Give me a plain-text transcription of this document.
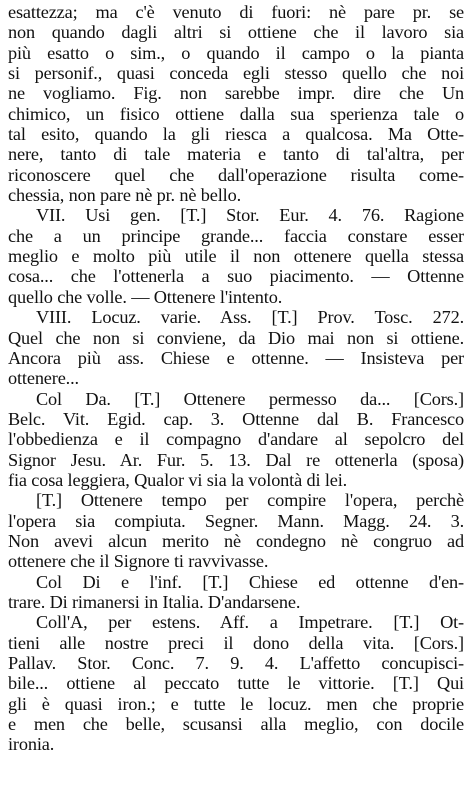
esattezza; ma c'è venuto di fuori: nè pare pr. se
non quando dagli altri si ottiene che il lavoro sia
più esatto o sim., o quando il campo o la pianta
si personif., quasi conceda egli stesso quello che noi
ne vogliamo. Fig. non sarebbe impr. dire che Un
chimico, un fisico ottiene dalla sua sperienza tale o
tal esito, quando la gli riesca a qualcosa. Ma Otte-
nere, tanto di tale materia e tanto di tal'altra, per
riconoscere quel che dall'operazione risulta come-
chessia, non pare nè pr. nè bello.
VII. Usi gen. [T.] Stor. Eur. 4. 76. Ragione
che a un principe grande... faccia constare esser
meglio e molto più utile il non ottenere quella stessa
cosa... che l'ottenerla a suo piacimento. — Ottenne
quello che volle. — Ottenere l'intento.
VIII. Locuz. varie. Ass. [T.] Prov. Tosc. 272.
Quel che non si conviene, da Dio mai non si ottiene.
Ancora più ass. Chiese e ottenne. — Insisteva per
ottenere...
Col Da. [T.] Ottenere permesso da... [Cors.]
Belc. Vit. Egid. cap. 3. Ottenne dal B. Francesco
l'obbedienza e il compagno d'andare al sepolcro del
Signor Jesu. Ar. Fur. 5. 13. Dal re ottenerla (sposa)
fia cosa leggiera, Qualor vi sia la volontà di lei.
[T.] Ottenere tempo per compire l'opera, perchè
l'opera sia compiuta. Segner. Mann. Magg. 24. 3.
Non avevi alcun merito nè condegno nè congruo ad
ottenere che il Signore ti ravvivasse.
Col Di e l'inf. [T.] Chiese ed ottenne d'en-
trare. Di rimanersi in Italia. D'andarsene.
Coll'A, per estens. Aff. a Impetrare. [T.] Ot-
tieni alle nostre preci il dono della vita. [Cors.]
Pallav. Stor. Conc. 7. 9. 4. L'affetto concupisci-
bile... ottiene al peccato tutte le vittorie. [T.] Qui
gli è quasi iron.; e tutte le locuz. men che proprie
e men che belle, scusansi alla meglio, con docile
ironia.
